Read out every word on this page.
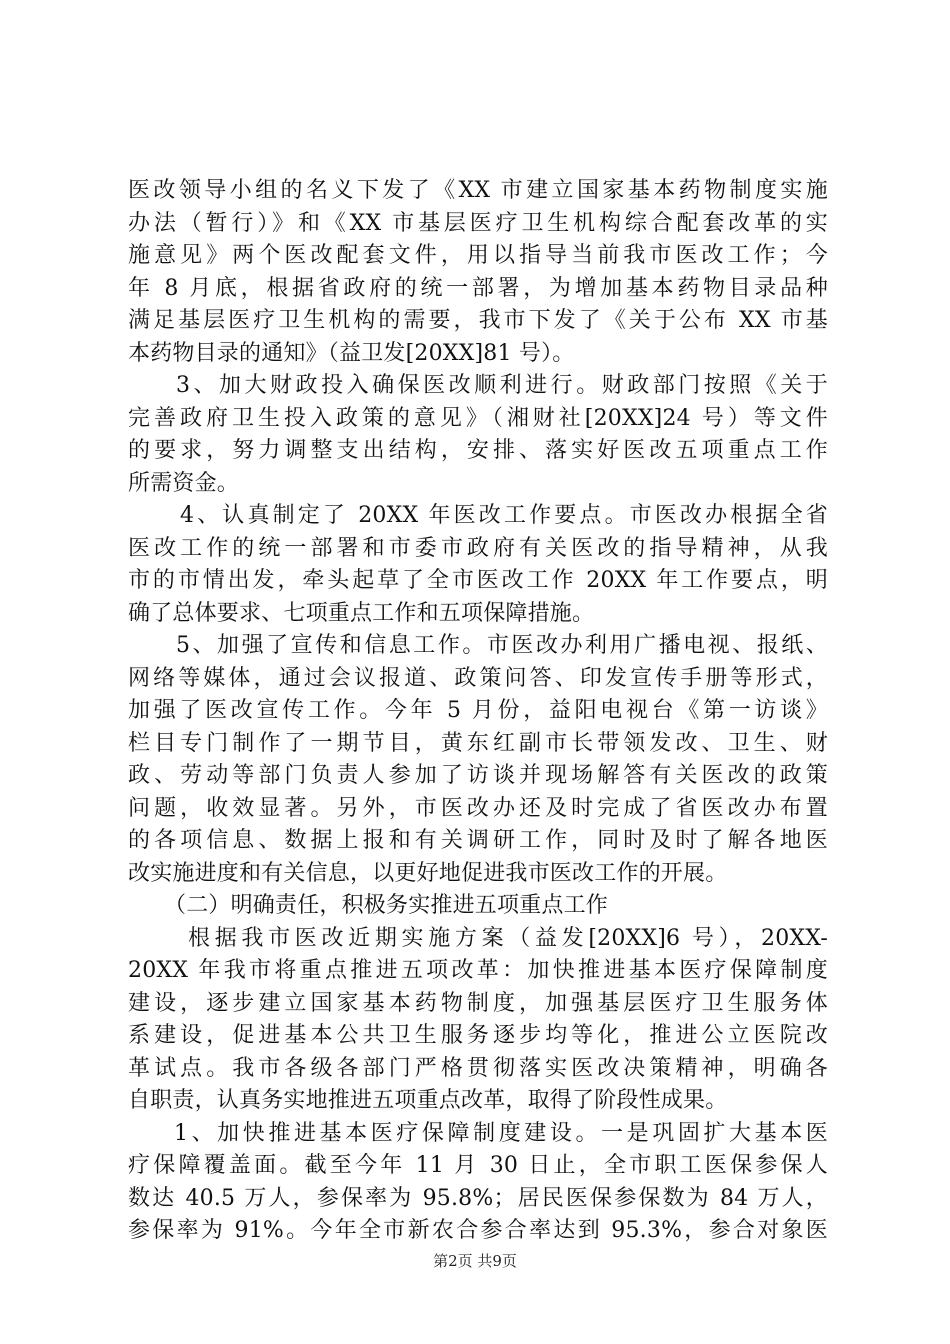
医改领导小组的名义下发了《XX 市建立国家基本药物制度实施
办法（暂行）》和《XX 市基层医疗卫生机构综合配套改革的实
施意见》两个医改配套文件，用以指导当前我市医改工作；今
年 8 月底，根据省政府的统一部署，为增加基本药物目录品种
满足基层医疗卫生机构的需要，我市下发了《关于公布 XX 市基
本药物目录的通知》（益卫发[20XX]81 号）。
3、加大财政投入确保医改顺利进行。财政部门按照《关于
完善政府卫生投入政策的意见》（湘财社[20XX]24 号）等文件
的要求，努力调整支出结构，安排、落实好医改五项重点工作
所需资金。
4、认真制定了 20XX 年医改工作要点。市医改办根据全省
医改工作的统一部署和市委市政府有关医改的指导精神，从我
市的市情出发，牵头起草了全市医改工作 20XX 年工作要点，明
确了总体要求、七项重点工作和五项保障措施。
5、加强了宣传和信息工作。市医改办利用广播电视、报纸、
网络等媒体，通过会议报道、政策问答、印发宣传手册等形式，
加强了医改宣传工作。今年 5 月份，益阳电视台《第一访谈》
栏目专门制作了一期节目，黄东红副市长带领发改、卫生、财
政、劳动等部门负责人参加了访谈并现场解答有关医改的政策
问题，收效显著。另外，市医改办还及时完成了省医改办布置
的各项信息、数据上报和有关调研工作，同时及时了解各地医
改实施进度和有关信息，以更好地促进我市医改工作的开展。
（二）明确责任，积极务实推进五项重点工作
根据我市医改近期实施方案（益发[20XX]6 号），20XX-
20XX 年我市将重点推进五项改革：加快推进基本医疗保障制度
建设，逐步建立国家基本药物制度，加强基层医疗卫生服务体
系建设，促进基本公共卫生服务逐步均等化，推进公立医院改
革试点。我市各级各部门严格贯彻落实医改决策精神，明确各
自职责，认真务实地推进五项重点改革，取得了阶段性成果。
1、加快推进基本医疗保障制度建设。一是巩固扩大基本医
疗保障覆盖面。截至今年 11 月 30 日止，全市职工医保参保人
数达 40.5 万人，参保率为 95.8%；居民医保参保数为 84 万人，
参保率为 91%。今年全市新农合参合率达到 95.3%，参合对象医
第2页 共9页
